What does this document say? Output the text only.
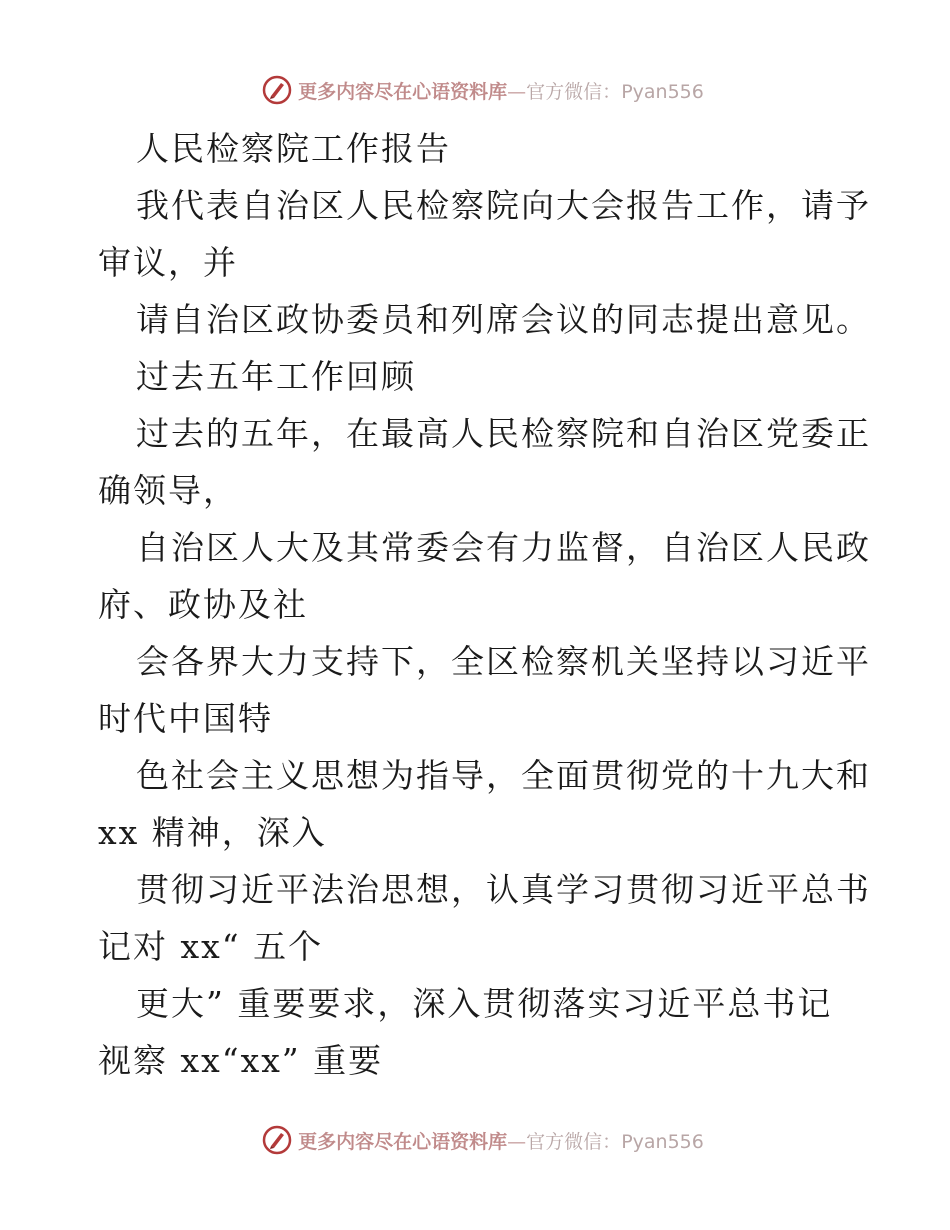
更多内容尽在心语资料库—官方微信：Pyan556
人民检察院工作报告
我代表自治区人民检察院向大会报告工作，请予
审议，并
请自治区政协委员和列席会议的同志提出意见。
过去五年工作回顾
过去的五年，在最高人民检察院和自治区党委正
确领导，
自治区人大及其常委会有力监督，自治区人民政
府、政协及社
会各界大力支持下，全区检察机关坚持以习近平
时代中国特
色社会主义思想为指导，全面贯彻党的十九大和
xx 精神，深入
贯彻习近平法治思想，认真学习贯彻习近平总书
记对 xx“ 五个
更大” 重要要求，深入贯彻落实习近平总书记
视察 xx“xx” 重要
更多内容尽在心语资料库—官方微信：Pyan556
